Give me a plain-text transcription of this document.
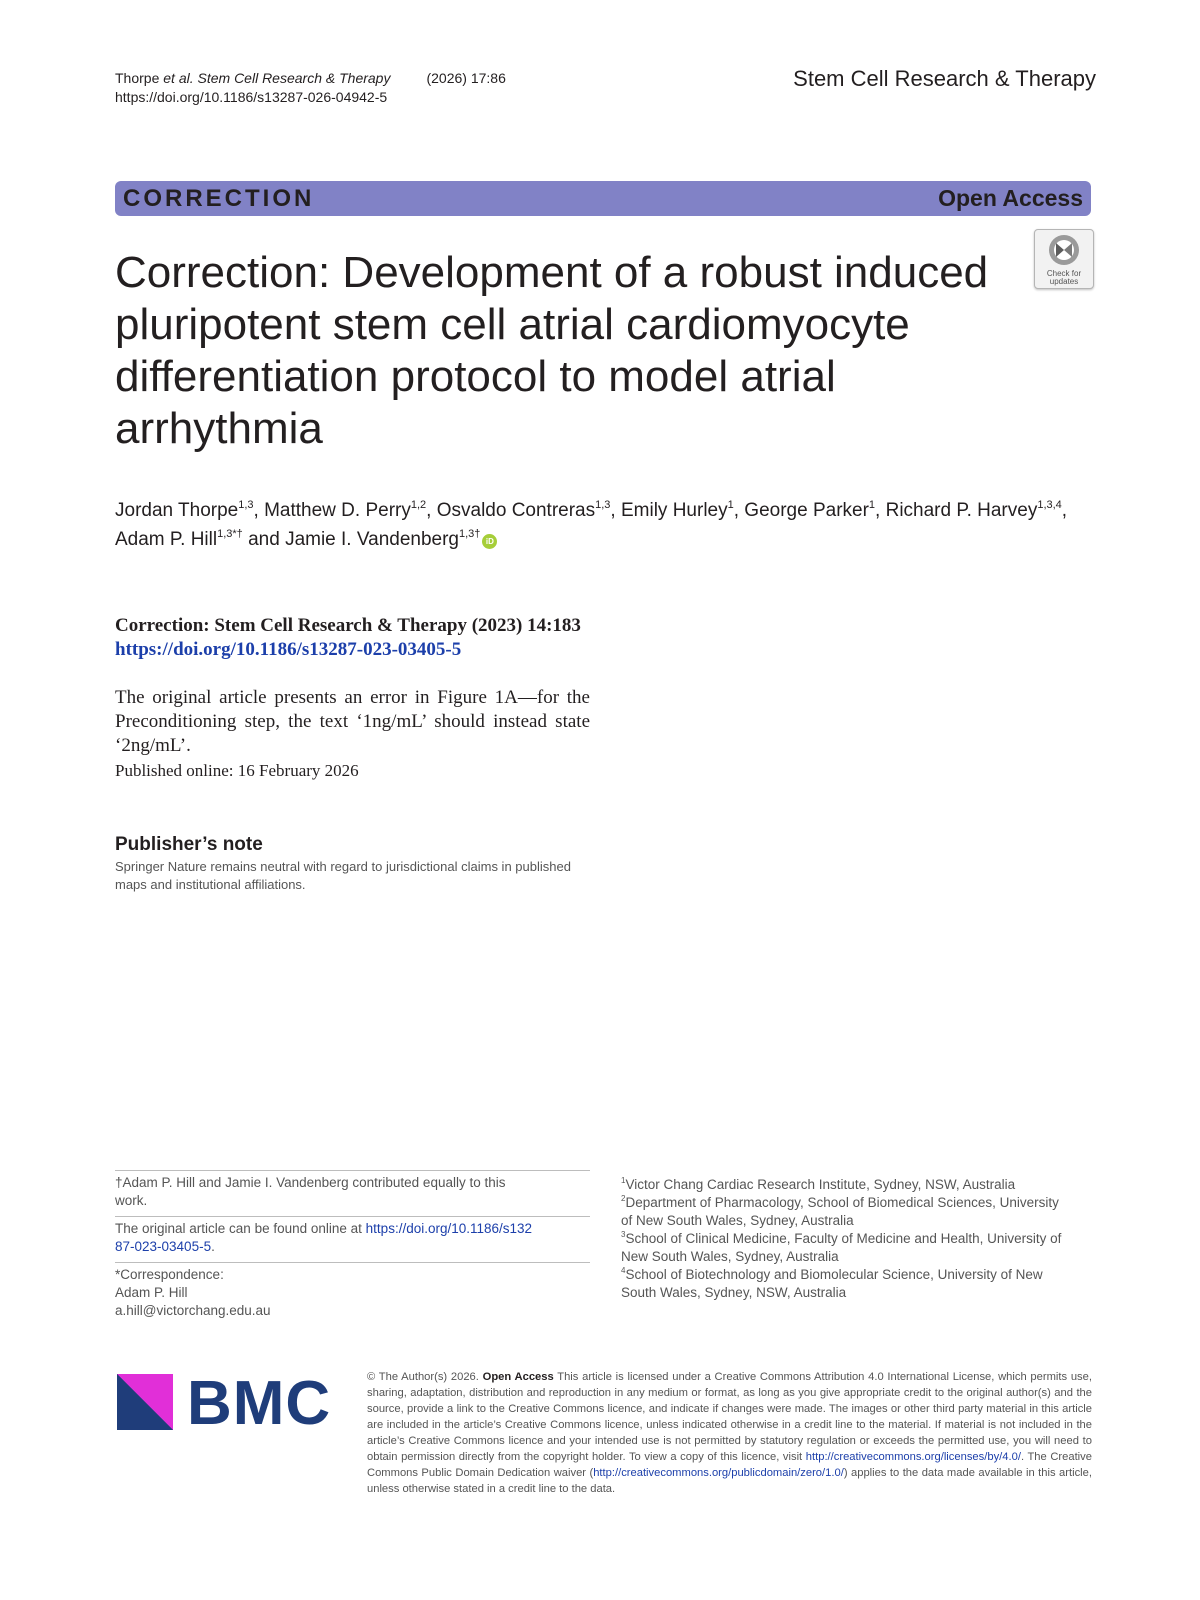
Thorpe et al. Stem Cell Research & Therapy	(2026) 17:86
https://doi.org/10.1186/s13287-026-04942-5
Stem Cell Research & Therapy
CORRECTION	Open Access
Check for
updates
Correction: Development of a robust induced pluripotent stem cell atrial cardiomyocyte differentiation protocol to model atrial arrhythmia
Jordan Thorpe$^{1,3}$, Matthew D. Perry$^{1,2}$, Osvaldo Contreras$^{1,3}$, Emily Hurley$^1$, George Parker$^1$, Richard P. Harvey$^{1,3,4}$,
Adam P. Hill$^{1,3*\dagger}$ and Jamie I. Vandenberg$^{1,3\dagger}$iD
Correction: Stem Cell Research & Therapy (2023) 14:183
https://doi.org/10.1186/s13287-023-03405-5
The original article presents an error in Figure 1A—for the Preconditioning step, the text ‘1ng/mL’ should instead state ‘2ng/mL’.
Published online: 16 February 2026
Publisher’s note
Springer Nature remains neutral with regard to jurisdictional claims in published maps and institutional affiliations.
†Adam P. Hill and Jamie I. Vandenberg contributed equally to this work.
The original article can be found online at https://doi.org/10.1186/s13287-023-03405-5.
*Correspondence:
Adam P. Hill
a.hill@victorchang.edu.au

$^1$Victor Chang Cardiac Research Institute, Sydney, NSW, Australia

$^2$Department of Pharmacology, School of Biomedical Sciences, University of New South Wales, Sydney, Australia

$^3$School of Clinical Medicine, Faculty of Medicine and Health, University of New South Wales, Sydney, Australia

$^4$School of Biotechnology and Biomolecular Science, University of New South Wales, Sydney, NSW, Australia

BMC	© The Author(s) 2026. Open Access This article is licensed under a Creative Commons Attribution 4.0 International License, which permits use, sharing, adaptation, distribution and reproduction in any medium or format, as long as you give appropriate credit to the original author(s) and the source, provide a link to the Creative Commons licence, and indicate if changes were made. The images or other third party material in this article are included in the article’s Creative Commons licence, unless indicated otherwise in a credit line to the material. If material is not included in the article’s Creative Commons licence and your intended use is not permitted by statutory regulation or exceeds the permitted use, you will need to obtain permission directly from the copyright holder. To view a copy of this licence, visit http://creativecommons.org/licenses/by/4.0/. The Creative Commons Public Domain Dedication waiver (http://creativecommons.org/publicdomain/zero/1.0/) applies to the data made available in this article, unless otherwise stated in a credit line to the data.
